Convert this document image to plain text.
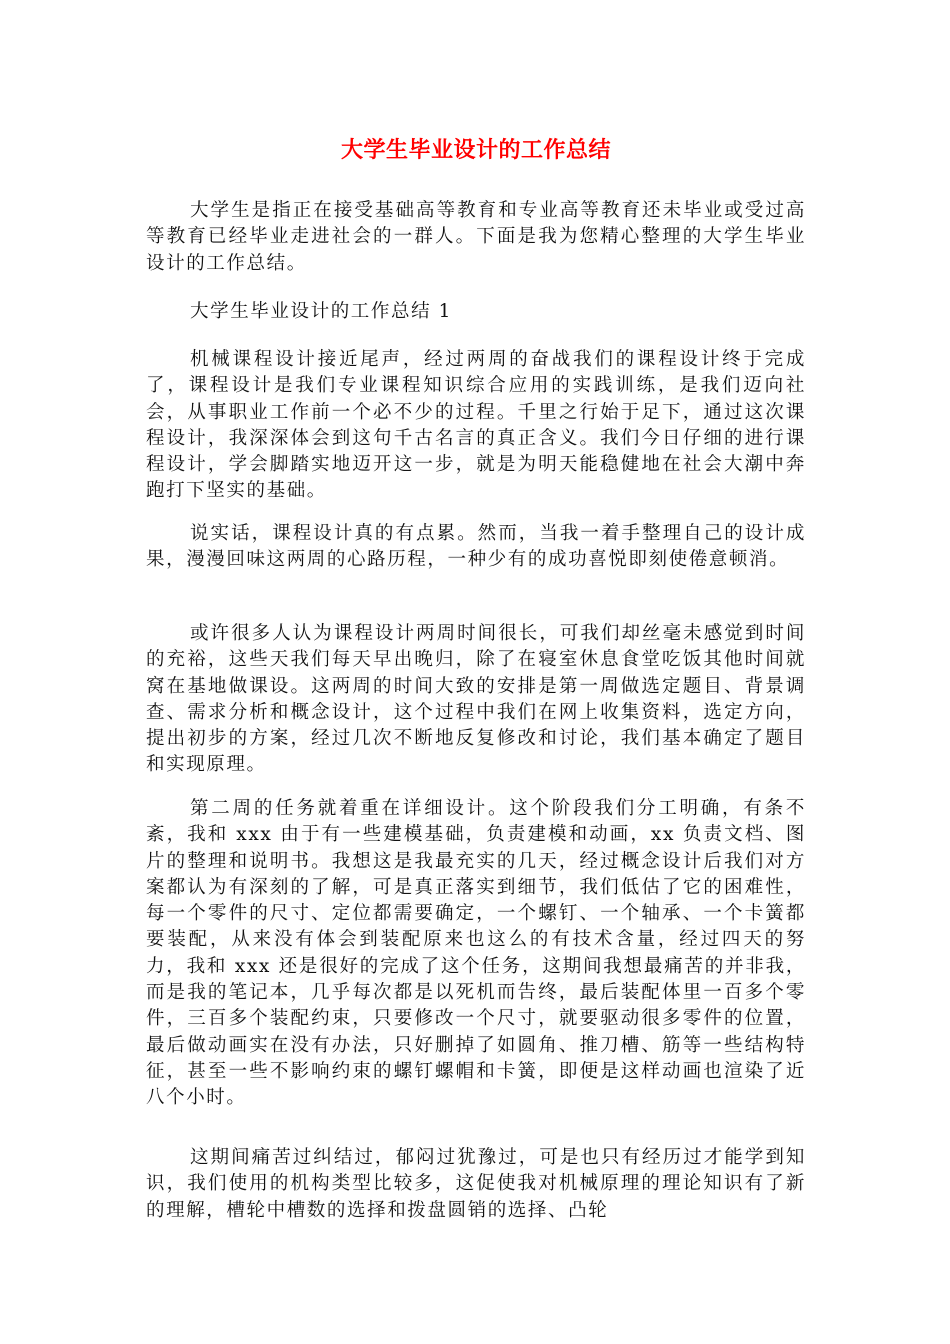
大学生毕业设计的工作总结

大学生是指正在接受基础高等教育和专业高等教育还未毕业或受过高等教育已经毕业走进社会的一群人。下面是我为您精心整理的大学生毕业设计的工作总结。

大学生毕业设计的工作总结 1

机械课程设计接近尾声，经过两周的奋战我们的课程设计终于完成了，课程设计是我们专业课程知识综合应用的实践训练，是我们迈向社会，从事职业工作前一个必不少的过程。千里之行始于足下，通过这次课程设计，我深深体会到这句千古名言的真正含义。我们今日仔细的进行课程设计，学会脚踏实地迈开这一步，就是为明天能稳健地在社会大潮中奔跑打下坚实的基础。

说实话，课程设计真的有点累。然而，当我一着手整理自己的设计成果，漫漫回味这两周的心路历程，一种少有的成功喜悦即刻使倦意顿消。

或许很多人认为课程设计两周时间很长，可我们却丝毫未感觉到时间的充裕，这些天我们每天早出晚归，除了在寝室休息食堂吃饭其他时间就窝在基地做课设。这两周的时间大致的安排是第一周做选定题目、背景调查、需求分析和概念设计，这个过程中我们在网上收集资料，选定方向，提出初步的方案，经过几次不断地反复修改和讨论，我们基本确定了题目和实现原理。

第二周的任务就着重在详细设计。这个阶段我们分工明确，有条不紊，我和 xxx 由于有一些建模基础，负责建模和动画，xx 负责文档、图片的整理和说明书。我想这是我最充实的几天，经过概念设计后我们对方案都认为有深刻的了解，可是真正落实到细节，我们低估了它的困难性，每一个零件的尺寸、定位都需要确定，一个螺钉、一个轴承、一个卡簧都要装配，从来没有体会到装配原来也这么的有技术含量，经过四天的努力，我和 xxx 还是很好的完成了这个任务，这期间我想最痛苦的并非我，而是我的笔记本，几乎每次都是以死机而告终，最后装配体里一百多个零件，三百多个装配约束，只要修改一个尺寸，就要驱动很多零件的位置，最后做动画实在没有办法，只好删掉了如圆角、推刀槽、筋等一些结构特征，甚至一些不影响约束的螺钉螺帽和卡簧，即便是这样动画也渲染了近八个小时。

这期间痛苦过纠结过，郁闷过犹豫过，可是也只有经历过才能学到知识，我们使用的机构类型比较多，这促使我对机械原理的理论知识有了新的理解，槽轮中槽数的选择和拨盘圆销的选择、凸轮
